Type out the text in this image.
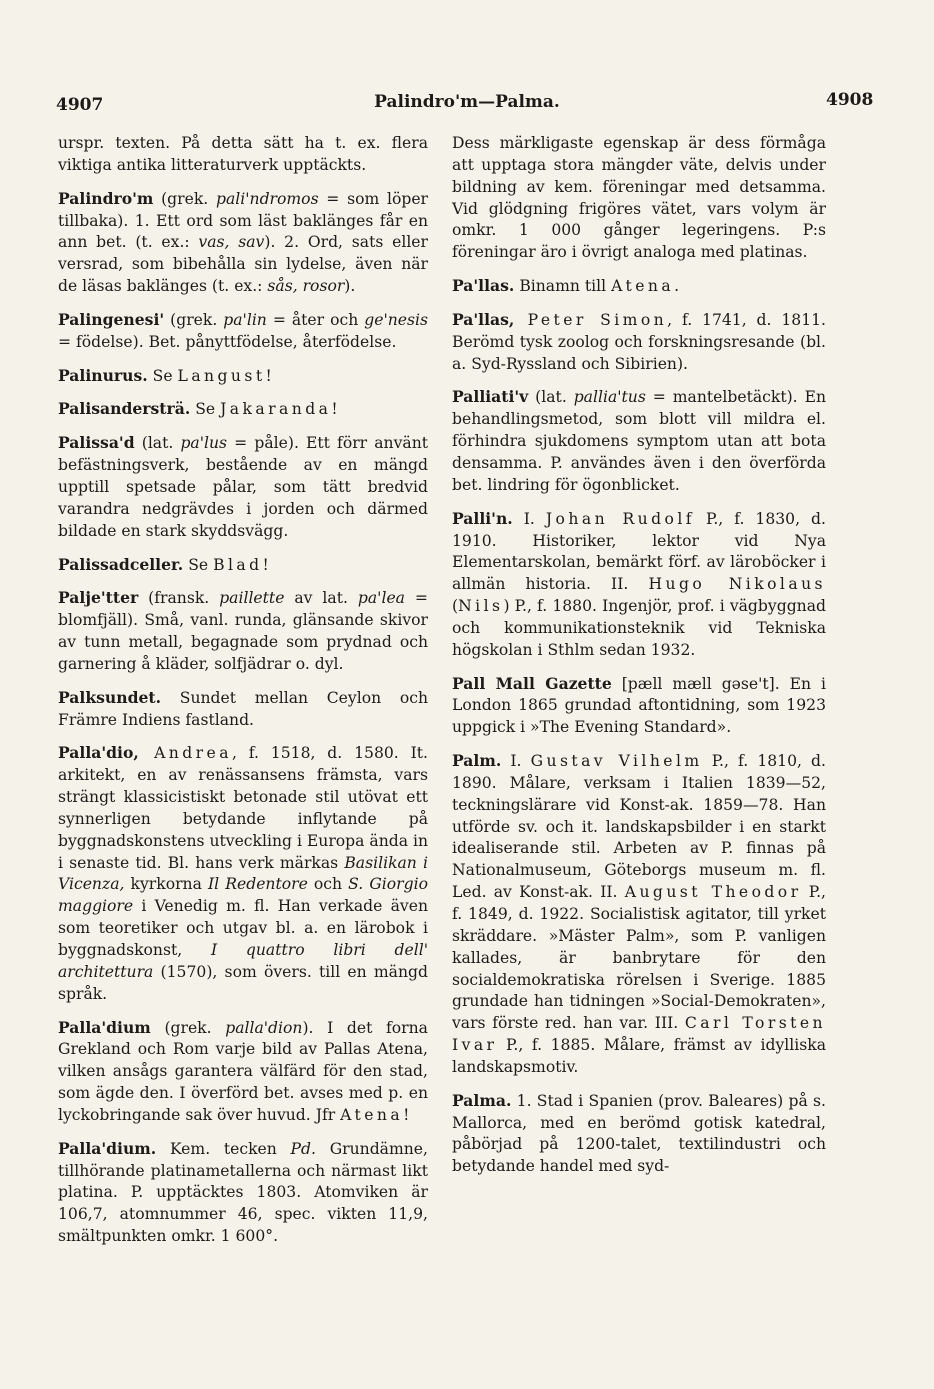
4907	Palindro'm—Palma.	4908

urspr. texten. På detta sätt ha t. ex. flera viktiga antika litteraturverk upptäckts.

Palindro'm (grek. pali'ndromos = som löper tillbaka). 1. Ett ord som läst baklänges får en ann bet. (t. ex.: vas, sav). 2. Ord, sats eller versrad, som bibehålla sin lydelse, även när de läsas baklänges (t. ex.: sås, rosor).

Palingenesi' (grek. pa'lin = åter och ge'nesis = födelse). Bet. pånyttfödelse, återfödelse.

Palinurus. Se Langust!

Palisandersträ. Se Jakaranda!

Palissa'd (lat. pa'lus = påle). Ett förr använt befästningsverk, bestående av en mängd upptill spetsade pålar, som tätt bredvid varandra nedgrävdes i jorden och därmed bildade en stark skyddsvägg.

Palissadceller. Se Blad!

Palje'tter (fransk. paillette av lat. pa'lea = blomfjäll). Små, vanl. runda, glänsande skivor av tunn metall, begagnade som prydnad och garnering å kläder, solfjädrar o. dyl.

Palksundet. Sundet mellan Ceylon och Främre Indiens fastland.

Palla'dio, Andrea, f. 1518, d. 1580. It. arkitekt, en av renässansens främsta, vars strängt klassicistiskt betonade stil utövat ett synnerligen betydande inflytande på byggnadskonstens utveckling i Europa ända in i senaste tid. Bl. hans verk märkas Basilikan i Vicenza, kyrkorna Il Redentore och S. Giorgio maggiore i Venedig m. fl. Han verkade även som teoretiker och utgav bl. a. en lärobok i byggnadskonst, I quattro libri dell' architettura (1570), som övers. till en mängd språk.

Palla'dium (grek. palla'dion). I det forna Grekland och Rom varje bild av Pallas Atena, vilken ansågs garantera välfärd för den stad, som ägde den. I överförd bet. avses med p. en lyckobringande sak över huvud. Jfr Atena!

Palla'dium. Kem. tecken Pd. Grundämne, tillhörande platinametallerna och närmast likt platina. P. upptäcktes 1803. Atomviken är 106,7, atomnummer 46, spec. vikten 11,9, smältpunkten omkr. 1 600°.

Dess märkligaste egenskap är dess förmåga att upptaga stora mängder väte, delvis under bildning av kem. föreningar med detsamma. Vid glödgning frigöres vätet, vars volym är omkr. 1 000 gånger legeringens. P:s föreningar äro i övrigt analoga med platinas.

Pa'llas. Binamn till Atena.

Pa'llas, Peter Simon, f. 1741, d. 1811. Berömd tysk zoolog och forskningsresande (bl. a. Syd-Ryssland och Sibirien).

Palliati'v (lat. pallia'tus = mantelbetäckt). En behandlingsmetod, som blott vill mildra el. förhindra sjukdomens symptom utan att bota densamma. P. användes även i den överförda bet. lindring för ögonblicket.

Palli'n. I. Johan Rudolf P., f. 1830, d. 1910. Historiker, lektor vid Nya Elementarskolan, bemärkt förf. av läroböcker i allmän historia. II. Hugo Nikolaus (Nils) P., f. 1880. Ingenjör, prof. i vägbyggnad och kommunikationsteknik vid Tekniska högskolan i Sthlm sedan 1932.

Pall Mall Gazette [pæll mæll gəse't]. En i London 1865 grundad aftontidning, som 1923 uppgick i »The Evening Standard».

Palm. I. Gustav Vilhelm P., f. 1810, d. 1890. Målare, verksam i Italien 1839—52, teckningslärare vid Konst-ak. 1859—78. Han utförde sv. och it. landskapsbilder i en starkt idealiserande stil. Arbeten av P. finnas på Nationalmuseum, Göteborgs museum m. fl. Led. av Konst-ak. II. August Theodor P., f. 1849, d. 1922. Socialistisk agitator, till yrket skräddare. »Mäster Palm», som P. vanligen kallades, är banbrytare för den socialdemokratiska rörelsen i Sverige. 1885 grundade han tidningen »Social-Demokraten», vars förste red. han var. III. Carl Torsten Ivar P., f. 1885. Målare, främst av idylliska landskapsmotiv.

Palma. 1. Stad i Spanien (prov. Baleares) på s. Mallorca, med en berömd gotisk katedral, påbörjad på 1200-talet, textilindustri och betydande handel med syd-
